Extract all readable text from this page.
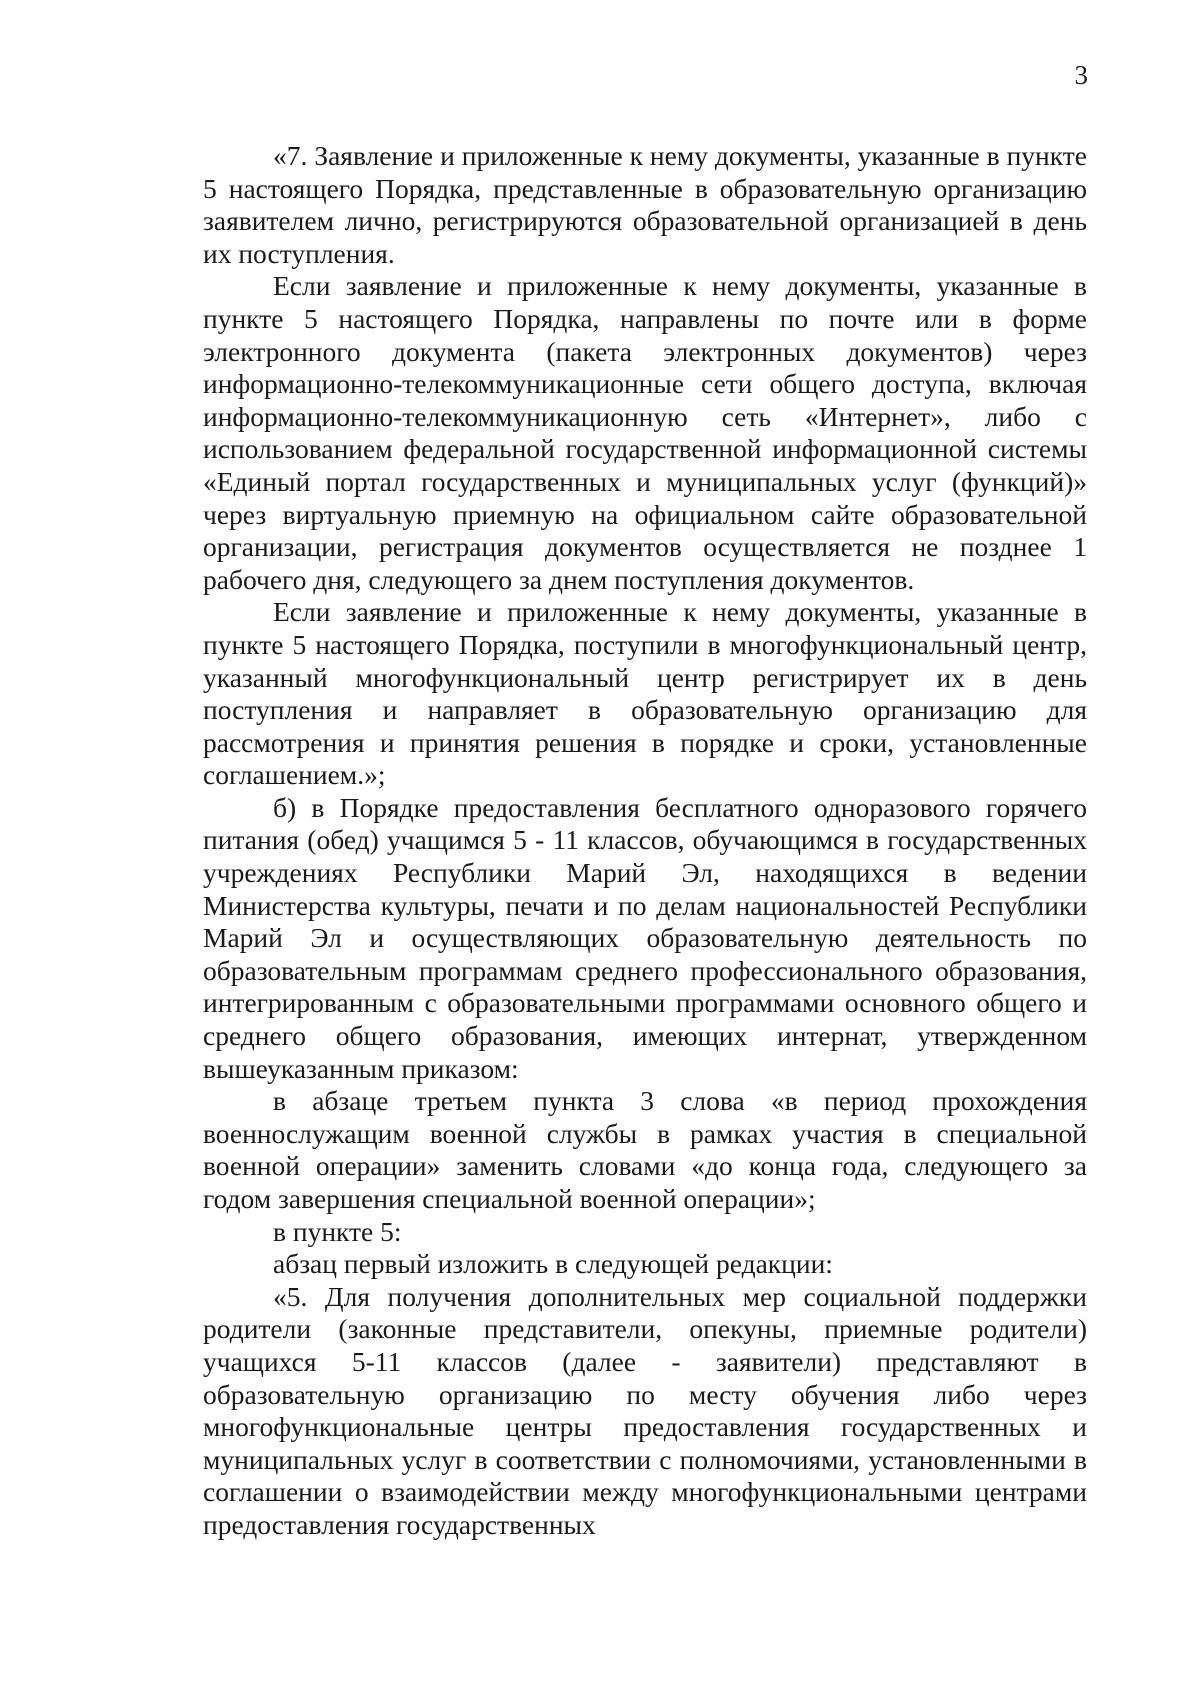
3

«7. Заявление и приложенные к нему документы, указанные в пункте 5 настоящего Порядка, представленные в образовательную организацию заявителем лично, регистрируются образовательной организацией в день их поступления.

Если заявление и приложенные к нему документы, указанные в пункте 5 настоящего Порядка, направлены по почте или в форме электронного документа (пакета электронных документов) через информационно-телекоммуникационные сети общего доступа, включая информационно-телекоммуникационную сеть «Интернет», либо с использованием федеральной государственной информационной системы «Единый портал государственных и муниципальных услуг (функций)» через виртуальную приемную на официальном сайте образовательной организации, регистрация документов осуществляется не позднее 1 рабочего дня, следующего за днем поступления документов.

Если заявление и приложенные к нему документы, указанные в пункте 5 настоящего Порядка, поступили в многофункциональный центр, указанный многофункциональный центр регистрирует их в день поступления и направляет в образовательную организацию для рассмотрения и принятия решения в порядке и сроки, установленные соглашением.»;

б) в Порядке предоставления бесплатного одноразового горячего питания (обед) учащимся 5 - 11 классов, обучающимся в государственных учреждениях Республики Марий Эл, находящихся в ведении Министерства культуры, печати и по делам национальностей Республики Марий Эл и осуществляющих образовательную деятельность по образовательным программам среднего профессионального образования, интегрированным с образовательными программами основного общего и среднего общего образования, имеющих интернат, утвержденном вышеуказанным приказом:

в абзаце третьем пункта 3 слова «в период прохождения военнослужащим военной службы в рамках участия в специальной военной операции» заменить словами «до конца года, следующего за годом завершения специальной военной операции»;

в пункте 5:

абзац первый изложить в следующей редакции:

«5. Для получения дополнительных мер социальной поддержки родители (законные представители, опекуны, приемные родители) учащихся 5-11 классов (далее - заявители) представляют в образовательную организацию по месту обучения либо через многофункциональные центры предоставления государственных и муниципальных услуг в соответствии с полномочиями, установленными в соглашении о взаимодействии между многофункциональными центрами предоставления государственных
